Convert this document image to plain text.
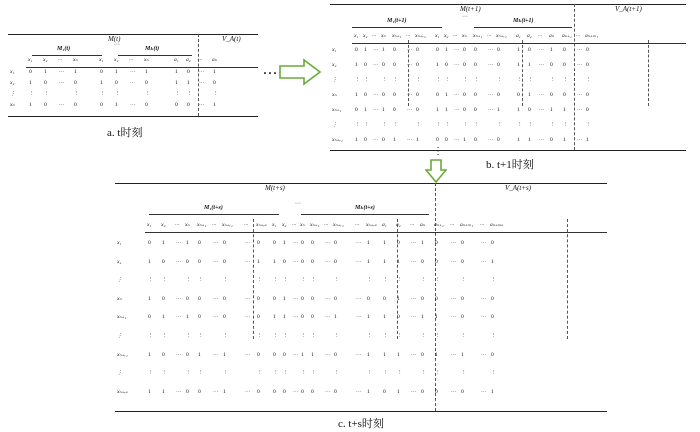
M(t)	V_A(t)
M₁(t)
···
Mₖ(t)
x₁ x₂ ··· xₙ	x₁ x₂ ··· xₙ	a₁ a₂ ··· aₙ
x₁	0 1 ··· 1	0 1 ··· 1	1 0 ··· 1
x₂	1 0 ··· 0	1 0 ··· 0	1 1 ··· 0
⋮ ⋮ ⋮	⋮	⋮ ⋮	⋮	⋮ ⋮	⋮
xₙ	1 0 ··· 0	0 1 ··· 0	0 0 ··· 1
M(t+1)	V_A(t+1)
M₁(t+1)
···
Mₖ(t+1)
x₁ x₂ ··· xₙ xₙ₊₁ ··· xₙ₊ᵣ₁ x₁ x₂ ··· xₙ xₙ₊₁ ··· xₙ₊ᵣ₁ a₁ a₂ ··· aₙ aₙ₊₁ ··· aₙ₊ₘ₁
x₁	0 1 ··· 1 0 ··· 0	0 1 ··· 0 0 ··· 0	1 0 ··· 1 0 ··· 0
x₂	1 0 ··· 0 0 ··· 0	1 0 ··· 0 0 ··· 0	1 1 ··· 0 0 ··· 0
⋮	⋮ ⋮ ⋮ ⋮	⋮	⋮ ⋮ ⋮ ⋮	⋮	⋮ ⋮	⋮ ⋮	⋮
xₙ	1 0 ··· 0 0 ··· 0	0 1 ··· 0 0 ··· 0	0 1 ··· 0 0 ··· 0
xₙ₊₁ 0 1 ··· 1 0 ··· 0	1 1 ··· 0 0 ··· 1	1 0 ··· 1 1 ··· 0
⋮	⋮ ⋮ ⋮ ⋮	⋮	⋮ ⋮ ⋮ ⋮	⋮	⋮ ⋮	⋮ ⋮	⋮
xₙ₊ᵣ₁ 1 0 ··· 0 1 ··· 1	0 0 ··· 1 0 ··· 0	1 1 ··· 0 1 ··· 1
M(t+s)	V_A(t+s)
M₁(t+s)
···
Mₖ(t+s)
x₁ x₂ ··· xₙ xₙ₊₁ ··· xₙ₊ᵣ₁ ··· xₙ₊ᵣₛ x₁ x₂ ··· xₙ xₙ₊₁ ··· xₙ₊ᵣ₁ ··· xₙ₊ᵣₛ a₁ a₂ ··· aₙ aₙ₊₁ ··· aₙ₊ₘ₁ ··· aₙ₊ₘₛ
x₁	0 1 ··· 1 0 ··· 0	··· 0 0 1 ··· 0 0 ··· 0	··· 1 1 0 ··· 1 0 ··· 0	··· 0
x₂	1 0 ··· 0 0 ··· 0	··· 1 1 0 ··· 0 0 ··· 0	··· 1 1 1 ··· 0 0 ··· 0	··· 1
⋮	⋮ ⋮	⋮ ⋮	⋮	⋮ ⋮ ⋮ ⋮ ⋮	⋮	⋮ ⋮ ⋮	⋮ ⋮	⋮	⋮
xₙ	1 0 ··· 0 0 ··· 0	··· 0 0 1 ··· 0 0 ··· 0	··· 0 0 1 ··· 0 0 ··· 0	··· 0
xₙ₊₁	0 1 ··· 1 0 ··· 0	··· 0 1 1 ··· 0 0 ··· 1	··· 1 1 0 ··· 1 1 ··· 0	··· 0
⋮	⋮ ⋮	⋮ ⋮	⋮	⋮ ⋮ ⋮ ⋮ ⋮	⋮	⋮ ⋮ ⋮	⋮ ⋮	⋮	⋮
xₙ₊ᵣ₁	1 0 ··· 0 1 ··· 1	··· 0 0 0 ··· 1 1 ··· 0	··· 1 1 1 ··· 0 1 ··· 1	··· 0
⋮	⋮ ⋮	⋮ ⋮	⋮	⋮ ⋮ ⋮ ⋮ ⋮	⋮	⋮ ⋮ ⋮	⋮ ⋮	⋮	⋮
xₙ₊ᵣₛ	1 1 ··· 0 0 ··· 1	··· 0 0 0 ··· 0 0 ··· 0	··· 1 0 1 ··· 0 0 ··· 0	··· 1
···
⋮
a. t时刻
b. t+1时刻
c. t+s时刻
